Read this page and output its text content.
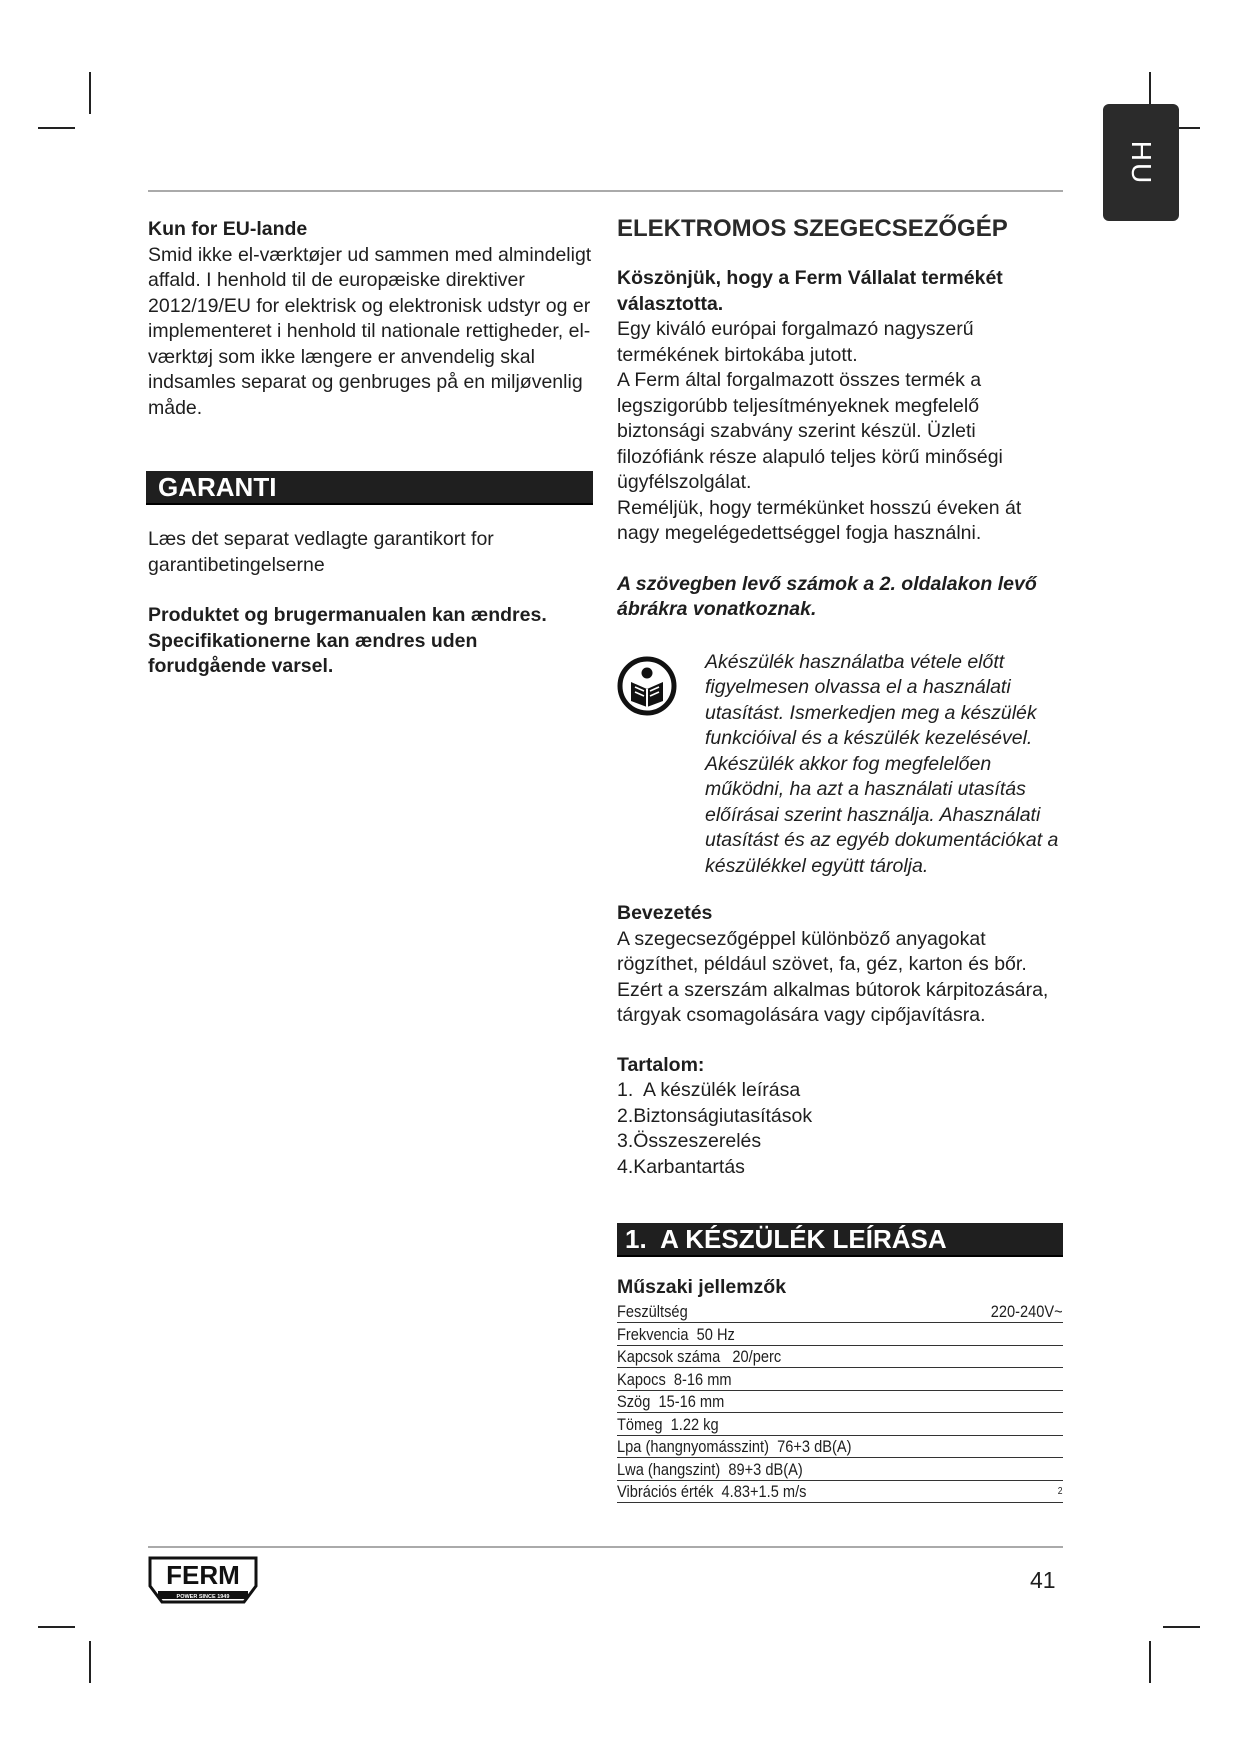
HU

Kun for EU-lande

Smid ikke el-værktøjer ud sammen med almindeligt affald. I henhold til de europæiske direktiver 2012/19/EU for elektrisk og elektronisk udstyr og er implementeret i henhold til nationale rettigheder, el-værktøj som ikke længere er anvendelig skal indsamles separat og genbruges på en miljøvenlig måde.

GARANTI

Læs det separat vedlagte garantikort for garantibetingelserne

Produktet og brugermanualen kan ændres. Specifikationerne kan ændres uden forudgående varsel.

ELEKTROMOS SZEGECSEZŐGÉP

Köszönjük, hogy a Ferm Vállalat termékét választotta.

Egy kiváló európai forgalmazó nagyszerű termékének birtokába jutott.

A Ferm által forgalmazott összes termék a legszigorúbb teljesítményeknek megfelelő biztonsági szabvány szerint készül. Üzleti filozófiánk része alapuló teljes körű minőségi ügyfélszolgálat.

Reméljük, hogy termékünket hosszú éveken át nagy megelégedettséggel fogja használni.

A szövegben levő számok a 2. oldalakon levő ábrákra vonatkoznak.

Akészülék használatba vétele előtt figyelmesen olvassa el a használati utasítást. Ismerkedjen meg a készülék funkcióival és a készülék kezelésével. Akészülék akkor fog megfelelően működni, ha azt a használati utasítás előírásai szerint használja. Ahasználati utasítást és az egyéb dokumentációkat a készülékkel együtt tárolja.

Bevezetés

A szegecsezőgéppel különböző anyagokat rögzíthet, például szövet, fa, géz, karton és bőr. Ezért a szerszám alkalmas bútorok kárpitozására, tárgyak csomagolására vagy cipőjavításra.

Tartalom:

1.  A készülék leírása

2.Biztonságiutasítások

3.Összeszerelés

4.Karbantartás

1.  A KÉSZÜLÉK LEÍRÁSA

Műszaki jellemzők

Feszültség	220-240V~
Frekvencia  50 Hz
Kapcsok száma   20/perc
Kapocs  8-16 mm
Szög  15-16 mm
Tömeg  1.22 kg
Lpa (hangnyomásszint)  76+3 dB(A)
Lwa (hangszint)  89+3 dB(A)
Vibrációs érték  4.83+1.5 m/s	2
FERM
POWER SINCE 1949
41
